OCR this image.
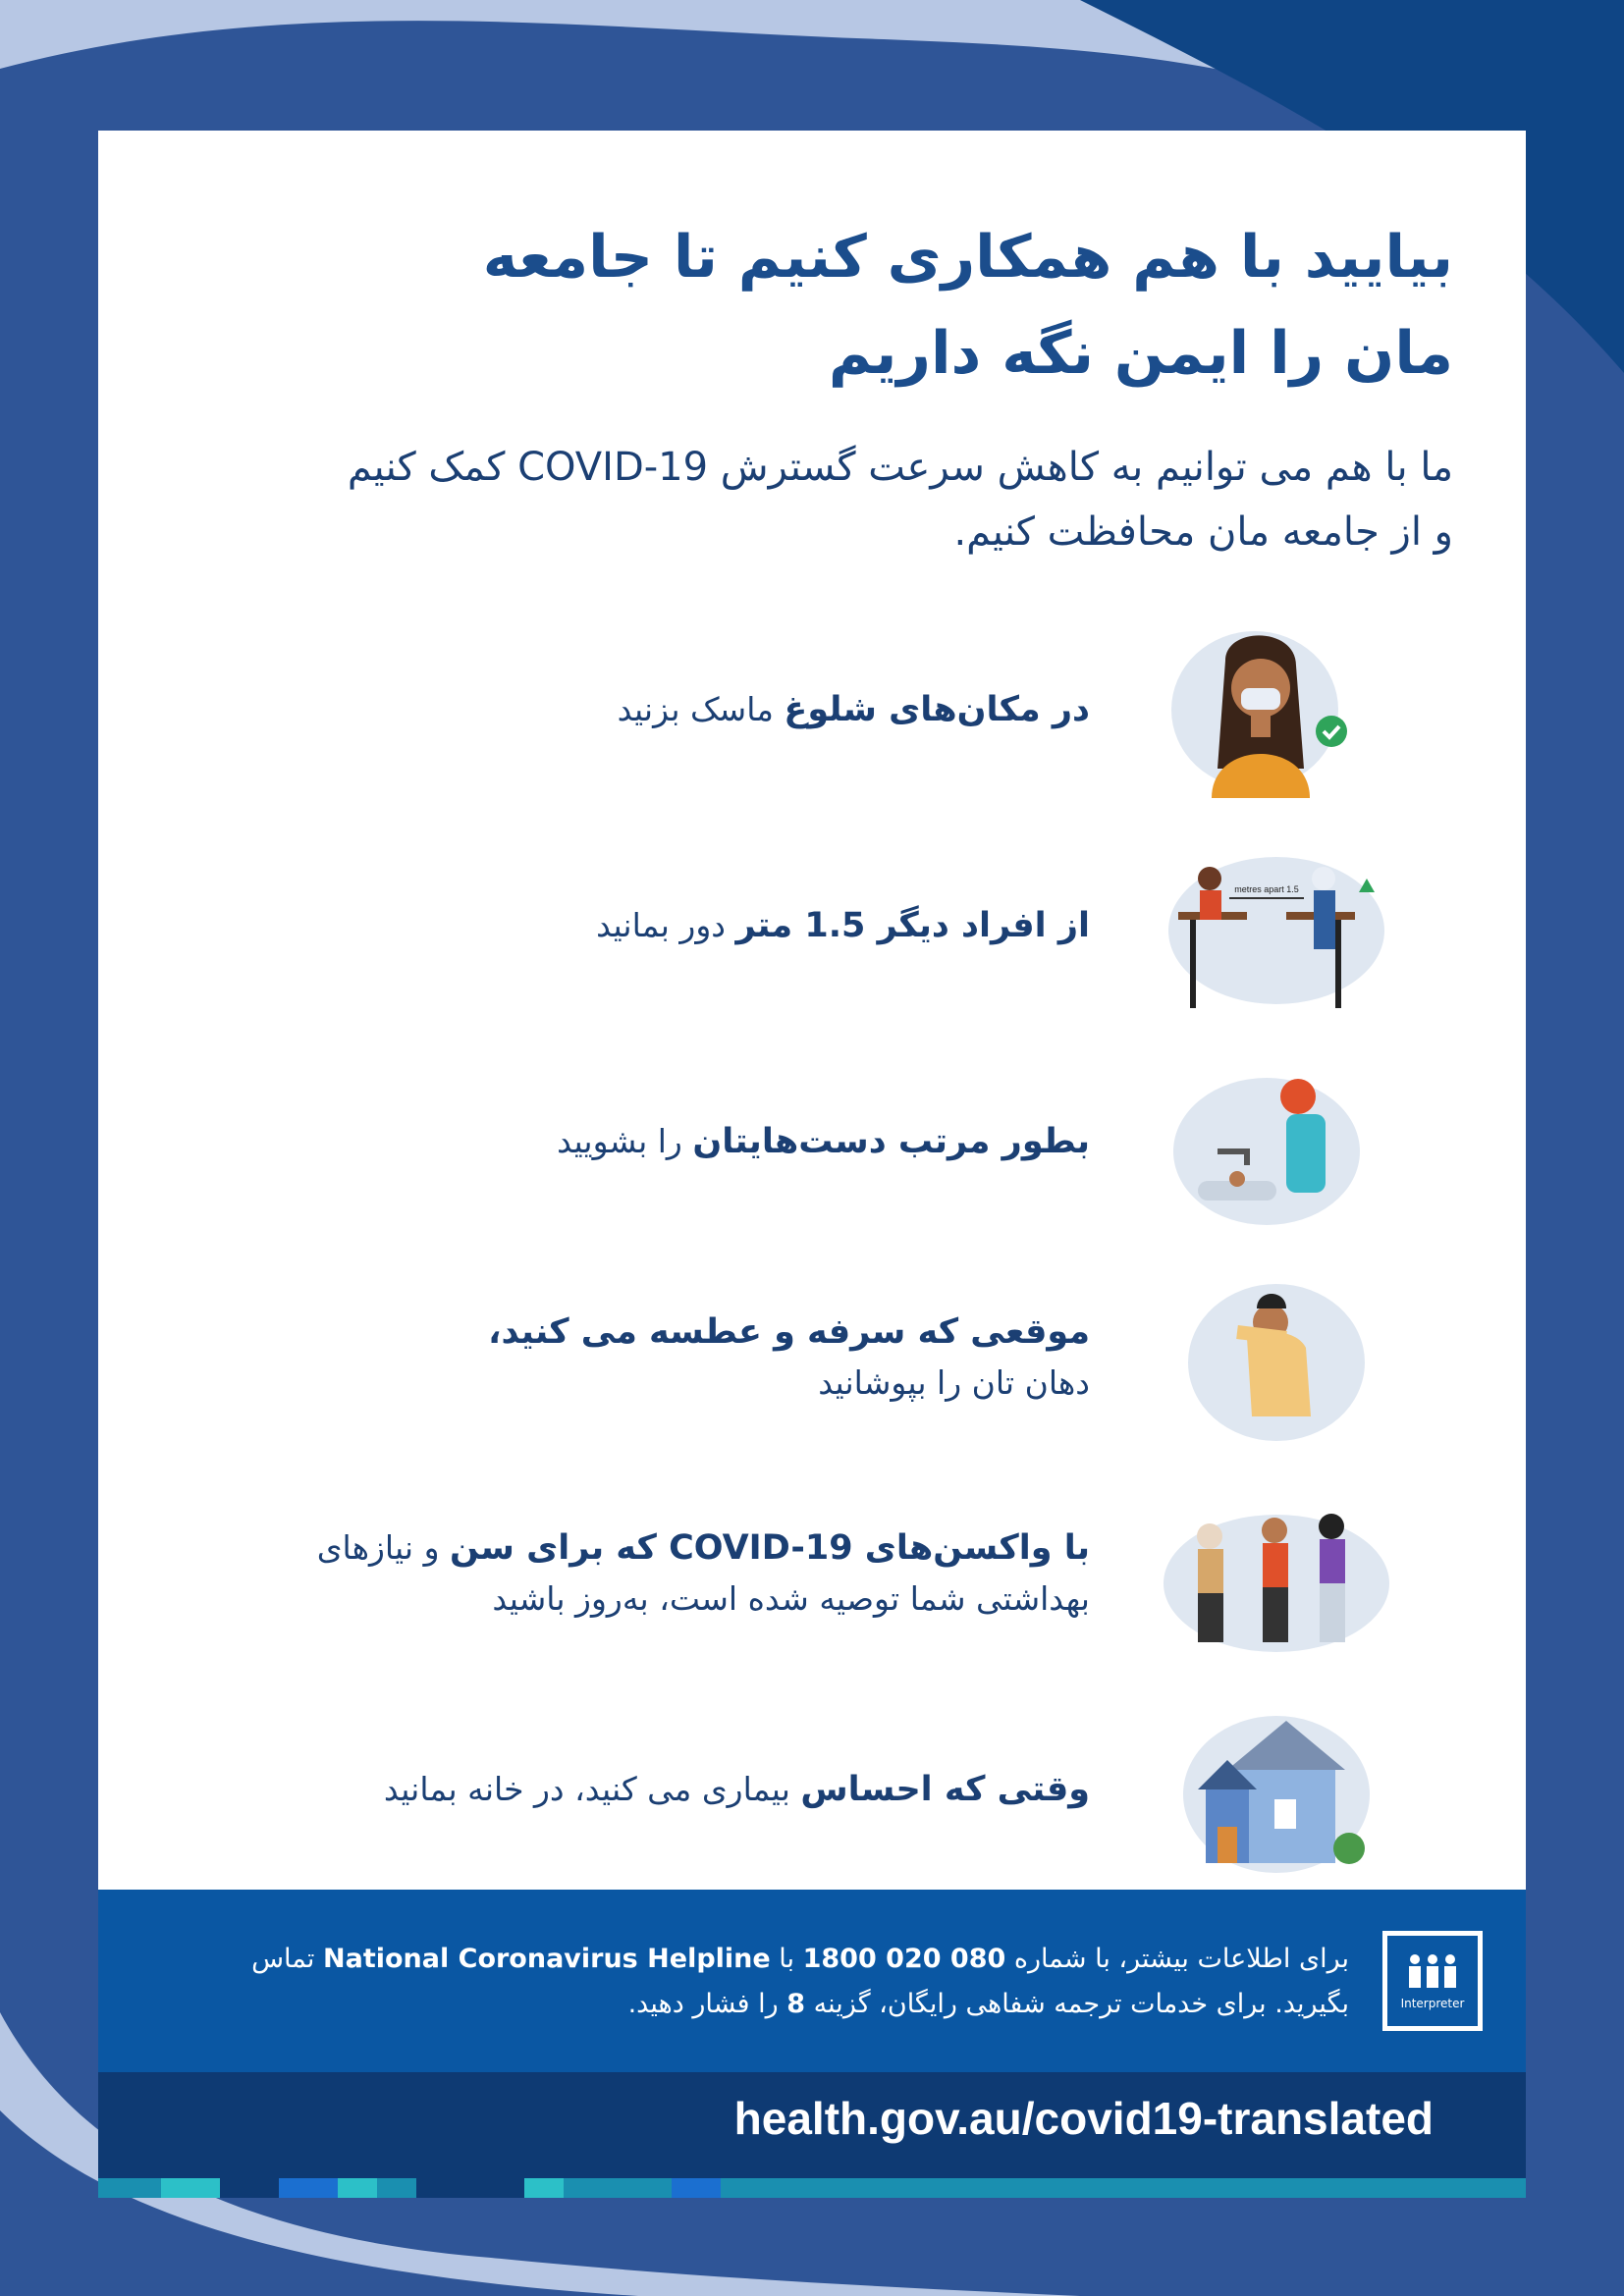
بیایید با هم همکاری کنیم تا جامعه
مان را ایمن نگه داریم

ما با هم می توانیم به کاهش سرعت گسترش COVID-19 کمک کنیم
و از جامعه مان محافظت کنیم.

در مکان‌های شلوغ ماسک بزنید
از افراد دیگر 1.5 متر دور بمانید
1.5 metres apart
بطور مرتب دست‌هایتان را بشویید
موقعی که سرفه و عطسه می کنید،
دهان تان را بپوشانید
با واکسن‌های COVID-19 که برای سن و نیازهای
بهداشتی شما توصیه شده است، به‌روز باشید
وقتی که احساس بیماری می کنید، در خانه بمانید
برای اطلاعات بیشتر، با شماره 1800 020 080 با National Coronavirus Helpline تماس
بگیرید. برای خدمات ترجمه شفاهی رایگان، گزینه 8 را فشار دهید.	Interpreter
health.gov.au/covid19-translated
